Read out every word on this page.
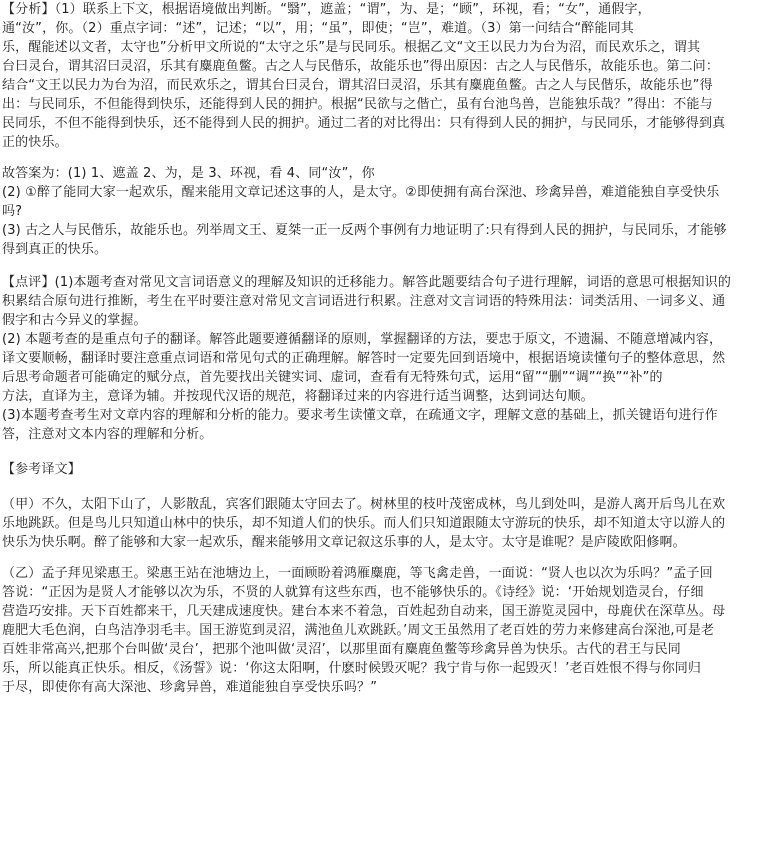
【分析】（1）联系上下文，根据语境做出判断。“翳”，遮盖；“谓”，为、是；“顾”，环视，看；“女”，通假字，
通“汝”，你。（2）重点字词：“述”，记述；“以”，用；“虽”，即使；“岂”，难道。（3）第一问结合“醉能同其
乐，醒能述以文者，太守也”分析甲文所说的“太守之乐”是与民同乐。根据乙文“文王以民力为台为沼，而民欢乐之，谓其
台曰灵台，谓其沼曰灵沼，乐其有麋鹿鱼鳖。古之人与民偕乐，故能乐也”得出原因：古之人与民偕乐，故能乐也。第二问：
结合“文王以民力为台为沼，而民欢乐之，谓其台曰灵台，谓其沼曰灵沼，乐其有麋鹿鱼鳖。古之人与民偕乐，故能乐也”得
出：与民同乐，不但能得到快乐，还能得到人民的拥护。根据“民欲与之偕亡，虽有台池鸟兽，岂能独乐哉？”得出：不能与
民同乐，不但不能得到快乐，还不能得到人民的拥护。通过二者的对比得出：只有得到人民的拥护，与民同乐，才能够得到真
正的快乐。
故答案为：(1) 1、遮盖 2、为，是 3、环视，看 4、同“汝”，你
(2) ①醉了能同大家一起欢乐，醒来能用文章记述这事的人，是太守。②即使拥有高台深池、珍禽异兽，难道能独自享受快乐
吗?
(3) 古之人与民偕乐，故能乐也。列举周文王、夏桀一正一反两个事例有力地证明了:只有得到人民的拥护，与民同乐，才能够
得到真正的快乐。
【点评】(1)本题考查对常见文言词语意义的理解及知识的迁移能力。解答此题要结合句子进行理解，词语的意思可根据知识的
积累结合原句进行推断，考生在平时要注意对常见文言词语进行积累。注意对文言词语的特殊用法：词类活用、一词多义、通
假字和古今异义的掌握。
(2) 本题考查的是重点句子的翻译。解答此题要遵循翻译的原则，掌握翻译的方法，要忠于原文，不遗漏、不随意增减内容，
译文要顺畅，翻译时要注意重点词语和常见句式的正确理解。解答时一定要先回到语境中，根据语境读懂句子的整体意思，然
后思考命题者可能确定的赋分点，首先要找出关键实词、虚词，查看有无特殊句式，运用“留”“删”“调”“换”“补”的
方法，直译为主，意译为辅。并按现代汉语的规范，将翻译过来的内容进行适当调整，达到词达句顺。
(3)本题考查考生对文章内容的理解和分析的能力。要求考生读懂文章，在疏通文字，理解文意的基础上，抓关键语句进行作
答，注意对文本内容的理解和分析。
【参考译文】
（甲）不久，太阳下山了，人影散乱，宾客们跟随太守回去了。树林里的枝叶茂密成林，鸟儿到处叫，是游人离开后鸟儿在欢
乐地跳跃。但是鸟儿只知道山林中的快乐，却不知道人们的快乐。而人们只知道跟随太守游玩的快乐，却不知道太守以游人的
快乐为快乐啊。醉了能够和大家一起欢乐，醒来能够用文章记叙这乐事的人，是太守。太守是谁呢？是庐陵欧阳修啊。
（乙）孟子拜见梁惠王。梁惠王站在池塘边上，一面顾盼着鸿雁麋鹿，等飞禽走兽，一面说：“贤人也以次为乐吗？”孟子回
答说：“正因为是贤人才能够以次为乐，不贤的人就算有这些东西，也不能够快乐的。《诗经》说：‘开始规划造灵台，仔细
营造巧安排。天下百姓都来干，几天建成速度快。建台本来不着急，百姓起劲自动来，国王游览灵园中，母鹿伏在深草丛。母
鹿肥大毛色润，白鸟洁净羽毛丰。国王游览到灵沼，满池鱼儿欢跳跃。’周文王虽然用了老百姓的劳力来修建高台深池,可是老
百姓非常高兴,把那个台叫做‘灵台’，把那个池叫做‘灵沼’，以那里面有麋鹿鱼鳖等珍禽异兽为快乐。古代的君王与民同
乐，所以能真正快乐。相反，《汤誓》说：‘你这太阳啊，什麽时候毁灭呢？我宁肯与你一起毁灭！’老百姓恨不得与你同归
于尽，即使你有高大深池、珍禽异兽，难道能独自享受快乐吗？”
